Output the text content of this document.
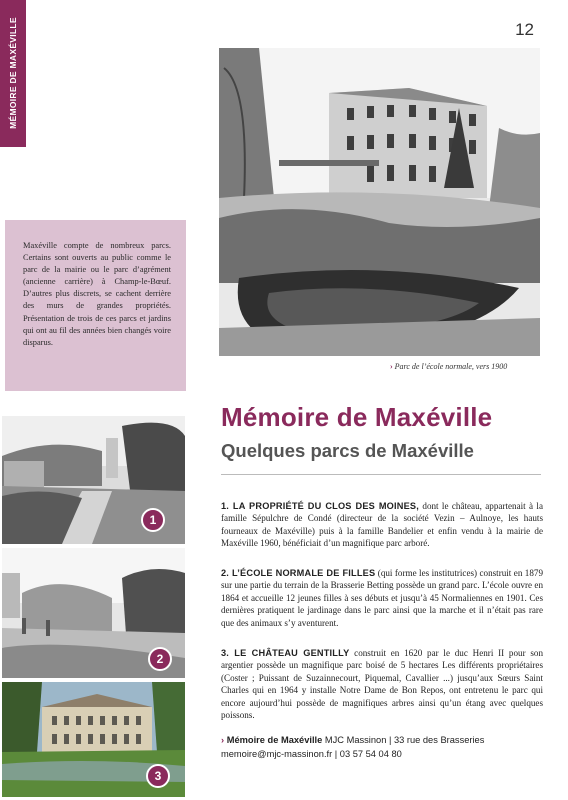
MÉMOIRE DE MAXÉVILLE	12
› Parc de l’école normale, vers 1900

Maxéville compte de nombreux parcs. Certains sont ouverts au public comme le parc de la mairie ou le parc d’agrément (ancienne carrière) à Champ-le-Bœuf. D’autres plus discrets, se cachent derrière des murs de grandes propriétés. Présentation de trois de ces parcs et jardins qui ont au fil des années bien changés voire disparus.

1
2
3
Mémoire de Maxéville
Quelques parcs de Maxéville

1. LA PROPRIÉTÉ DU CLOS DES MOINES, dont le château, appartenait à la famille Sépulchre de Condé (directeur de la société Vezin – Aulnoye, les hauts fourneaux de Maxéville) puis à la famille Bandelier et enfin vendu à la mairie de Maxéville 1960, bénéficiait d’un magnifique parc arboré.

2. L’ÉCOLE NORMALE DE FILLES (qui forme les institutrices) construit en 1879 sur une partie du terrain de la Brasserie Betting possède un grand parc. L’école ouvre en 1864 et accueille 12 jeunes filles à ses débuts et jusqu’à 45 Normaliennes en 1901. Ces dernières pratiquent le jardinage dans le parc ainsi que la marche et il n’était pas rare que des animaux s’y aventurent.

3. LE CHÂTEAU GENTILLY construit en 1620 par le duc Henri II pour son argentier possède un magnifique parc boisé de 5 hectares Les différents propriétaires (Coster ; Puissant de Suzainnecourt, Piquemal, Cavallier ...) jusqu’aux Sœurs Saint Charles qui en 1964 y installe Notre Dame de Bon Repos, ont entretenu le parc qui encore aujourd’hui possède de magnifiques arbres ainsi qu’un étang avec quelques poissons.

› Mémoire de Maxéville MJC Massinon | 33 rue des Brasseries
memoire@mjc-massinon.fr | 03 57 54 04 80
